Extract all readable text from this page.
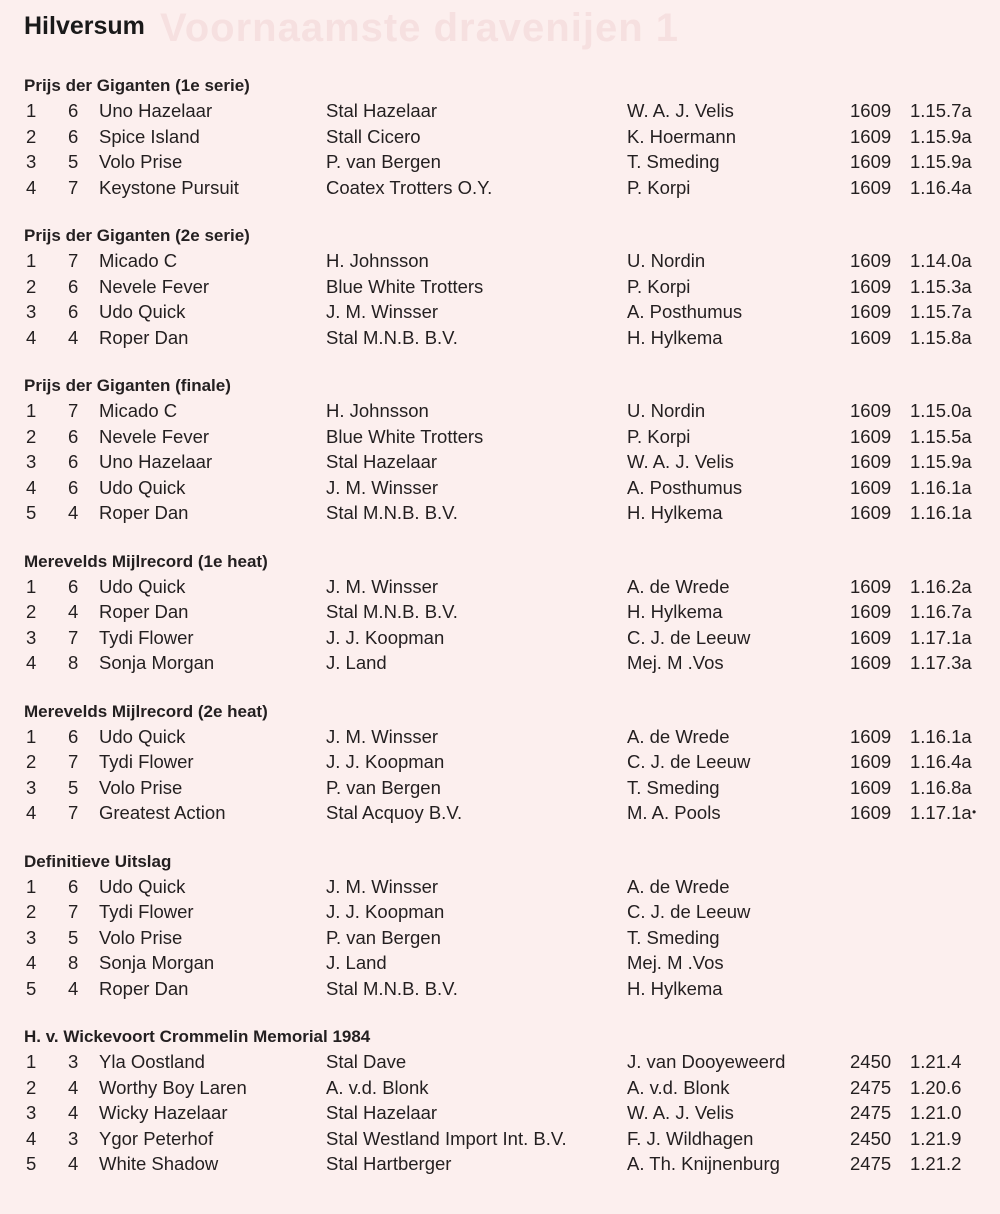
Voornaamste dravenijen 1
Hilversum
Prijs der Giganten (1e serie)
1 6 Uno Hazelaar	Stal Hazelaar	W. A. J. Velis	1609 1.15.7a
2 6 Spice Island	Stall Cicero	K. Hoermann	1609 1.15.9a
3 5 Volo Prise	P. van Bergen	T. Smeding	1609 1.15.9a
4 7 Keystone Pursuit	Coatex Trotters O.Y.	P. Korpi	1609 1.16.4a
Prijs der Giganten (2e serie)
1 7 Micado C	H. Johnsson	U. Nordin	1609 1.14.0a
2 6 Nevele Fever	Blue White Trotters	P. Korpi	1609 1.15.3a
3 6 Udo Quick	J. M. Winsser	A. Posthumus	1609 1.15.7a
4 4 Roper Dan	Stal M.N.B. B.V.	H. Hylkema	1609 1.15.8a
Prijs der Giganten (finale)
1 7 Micado C	H. Johnsson	U. Nordin	1609 1.15.0a
2 6 Nevele Fever	Blue White Trotters	P. Korpi	1609 1.15.5a
3 6 Uno Hazelaar	Stal Hazelaar	W. A. J. Velis	1609 1.15.9a
4 6 Udo Quick	J. M. Winsser	A. Posthumus	1609 1.16.1a
5 4 Roper Dan	Stal M.N.B. B.V.	H. Hylkema	1609 1.16.1a
Merevelds Mijlrecord (1e heat)
1 6 Udo Quick	J. M. Winsser	A. de Wrede	1609 1.16.2a
2 4 Roper Dan	Stal M.N.B. B.V.	H. Hylkema	1609 1.16.7a
3 7 Tydi Flower	J. J. Koopman	C. J. de Leeuw	1609 1.17.1a
4 8 Sonja Morgan	J. Land	Mej. M .Vos	1609 1.17.3a
Merevelds Mijlrecord (2e heat)
1 6 Udo Quick	J. M. Winsser	A. de Wrede	1609 1.16.1a
2 7 Tydi Flower	J. J. Koopman	C. J. de Leeuw	1609 1.16.4a
3 5 Volo Prise	P. van Bergen	T. Smeding	1609 1.16.8a
4 7 Greatest Action	Stal Acquoy B.V.	M. A. Pools	1609 1.17.1a •
Definitieve Uitslag
1 6 Udo Quick	J. M. Winsser	A. de Wrede
2 7 Tydi Flower	J. J. Koopman	C. J. de Leeuw
3 5 Volo Prise	P. van Bergen	T. Smeding
4 8 Sonja Morgan	J. Land	Mej. M .Vos
5 4 Roper Dan	Stal M.N.B. B.V.	H. Hylkema
H. v. Wickevoort Crommelin Memorial 1984
1 3 Yla Oostland	Stal Dave	J. van Dooyeweerd	2450 1.21.4
2 4 Worthy Boy Laren	A. v.d. Blonk	A. v.d. Blonk	2475 1.20.6
3 4 Wicky Hazelaar	Stal Hazelaar	W. A. J. Velis	2475 1.21.0
4 3 Ygor Peterhof	Stal Westland Import Int. B.V.	F. J. Wildhagen	2450 1.21.9
5 4 White Shadow	Stal Hartberger	A. Th. Knijnenburg	2475 1.21.2
